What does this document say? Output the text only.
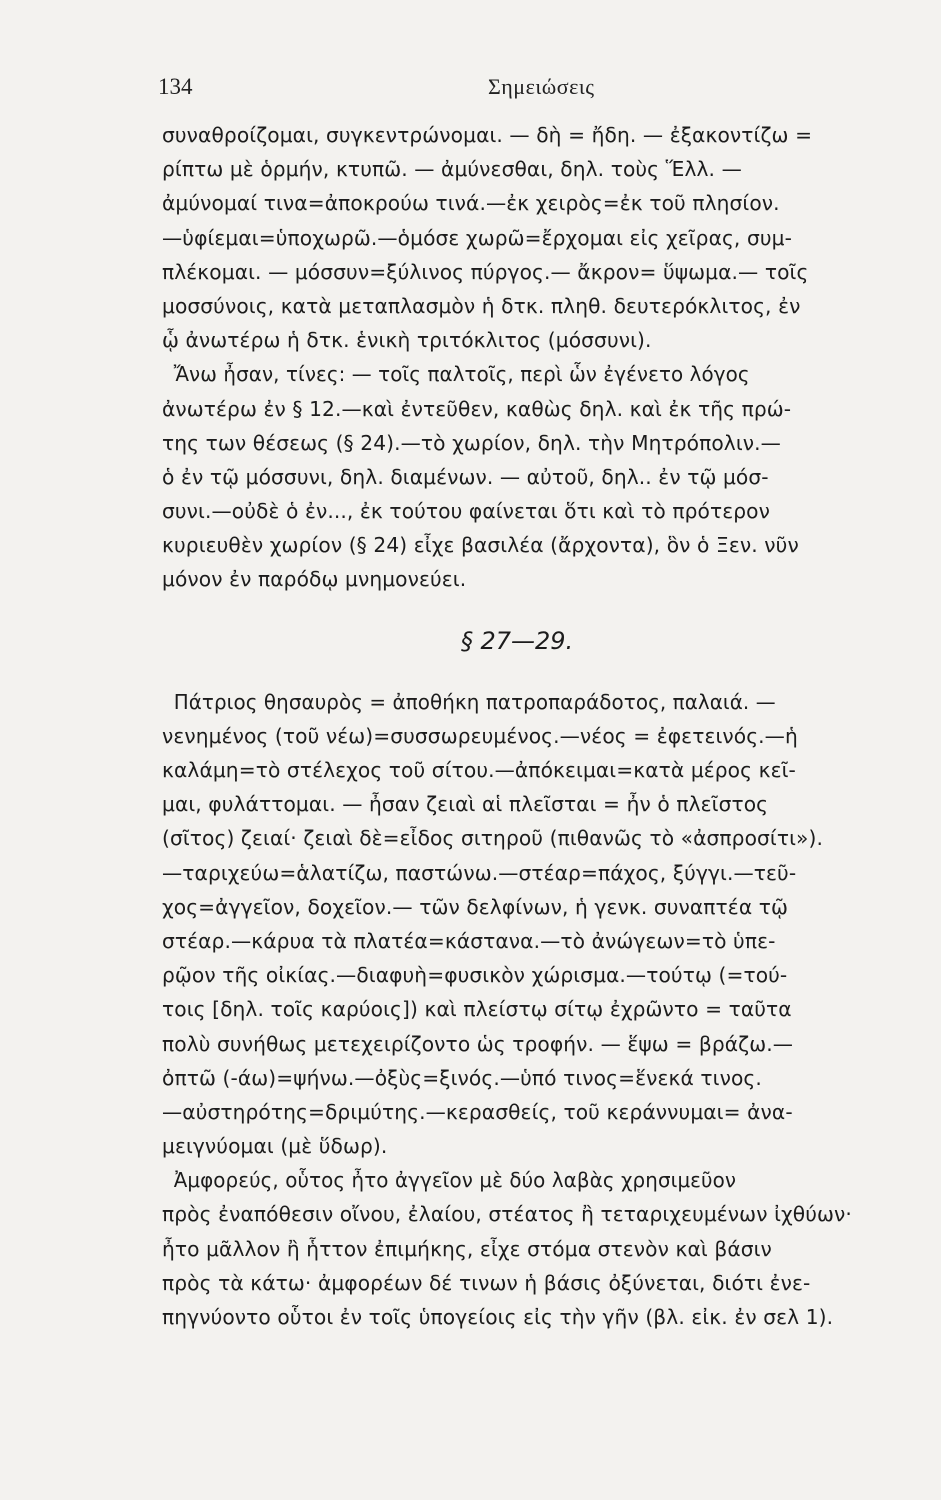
134	Σημειώσεις
συναθροίζομαι, συγκεντρώνομαι. — δὴ = ἤδη. — ἐξακοντίζω =
ρίπτω μὲ ὁρμήν, κτυπῶ. — ἀμύνεσθαι, δηλ. τοὺς Ἕλλ. —
ἀμύνομαί τινα=ἀποκρούω τινά.—ἐκ χειρὸς=ἐκ τοῦ πλησίον.
—ὑφίεμαι=ὑποχωρῶ.—ὁμόσε χωρῶ=ἔρχομαι εἰς χεῖρας, συμ-
πλέκομαι. — μόσσυν=ξύλινος πύργος.— ἄκρον= ὕψωμα.— τοῖς
μοσσύνοις, κατὰ μεταπλασμὸν ἡ δτκ. πληθ. δευτερόκλιτος, ἐν
ᾧ ἀνωτέρω ἡ δτκ. ἑνικὴ τριτόκλιτος (μόσσυνι).
Ἄνω ἦσαν, τίνες: — τοῖς παλτοῖς, περὶ ὧν ἐγένετο λόγος
ἀνωτέρω ἐν § 12.—καὶ ἐντεῦθεν, καθὼς δηλ. καὶ ἐκ τῆς πρώ-
της των θέσεως (§ 24).—τὸ χωρίον, δηλ. τὴν Μητρόπολιν.—
ὁ ἐν τῷ μόσσυνι, δηλ. διαμένων. — αὐτοῦ, δηλ.. ἐν τῷ μόσ-
συνι.—οὐδὲ ὁ ἐν..., ἐκ τούτου φαίνεται ὅτι καὶ τὸ πρότερον
κυριευθὲν χωρίον (§ 24) εἶχε βασιλέα (ἄρχοντα), ὃν ὁ Ξεν. νῦν
μόνον ἐν παρόδῳ μνημονεύει.
§ 27—29.
Πάτριος θησαυρὸς = ἀποθήκη πατροπαράδοτος, παλαιά. —
νενημένος (τοῦ νέω)=συσσωρευμένος.—νέος = ἐφετεινός.—ἡ
καλάμη=τὸ στέλεχος τοῦ σίτου.—ἀπόκειμαι=κατὰ μέρος κεῖ-
μαι, φυλάττομαι. — ἦσαν ζειαὶ αἱ πλεῖσται = ἦν ὁ πλεῖστος
(σῖτος) ζειαί· ζειαὶ δὲ=εἶδος σιτηροῦ (πιθανῶς τὸ «ἀσπροσίτι»).
—ταριχεύω=ἁλατίζω, παστώνω.—στέαρ=πάχος, ξύγγι.—τεῦ-
χος=ἀγγεῖον, δοχεῖον.— τῶν δελφίνων, ἡ γενκ. συναπτέα τῷ
στέαρ.—κάρυα τὰ πλατέα=κάστανα.—τὸ ἀνώγεων=τὸ ὑπε-
ρῷον τῆς οἰκίας.—διαφυὴ=φυσικὸν χώρισμα.—τούτῳ (=τού-
τοις [δηλ. τοῖς καρύοις]) καὶ πλείστῳ σίτῳ ἐχρῶντο = ταῦτα
πολὺ συνήθως μετεχειρίζοντο ὡς τροφήν. — ἕψω = βράζω.—
ὀπτῶ (-άω)=ψήνω.—ὀξὺς=ξινός.—ὑπό τινος=ἕνεκά τινος.
—αὐστηρότης=δριμύτης.—κερασθείς, τοῦ κεράννυμαι= ἀνα-
μειγνύομαι (μὲ ὕδωρ).
Ἀμφορεύς, οὗτος ἦτο ἀγγεῖον μὲ δύο λαβὰς χρησιμεῦον
πρὸς ἐναπόθεσιν οἴνου, ἐλαίου, στέατος ἢ τεταριχευμένων ἰχθύων·
ἦτο μᾶλλον ἢ ἧττον ἐπιμήκης, εἶχε στόμα στενὸν καὶ βάσιν
πρὸς τὰ κάτω· ἀμφορέων δέ τινων ἡ βάσις ὀξύνεται, διότι ἐνε-
πηγνύοντο οὗτοι ἐν τοῖς ὑπογείοις εἰς τὴν γῆν (βλ. εἰκ. ἐν σελ 1).
